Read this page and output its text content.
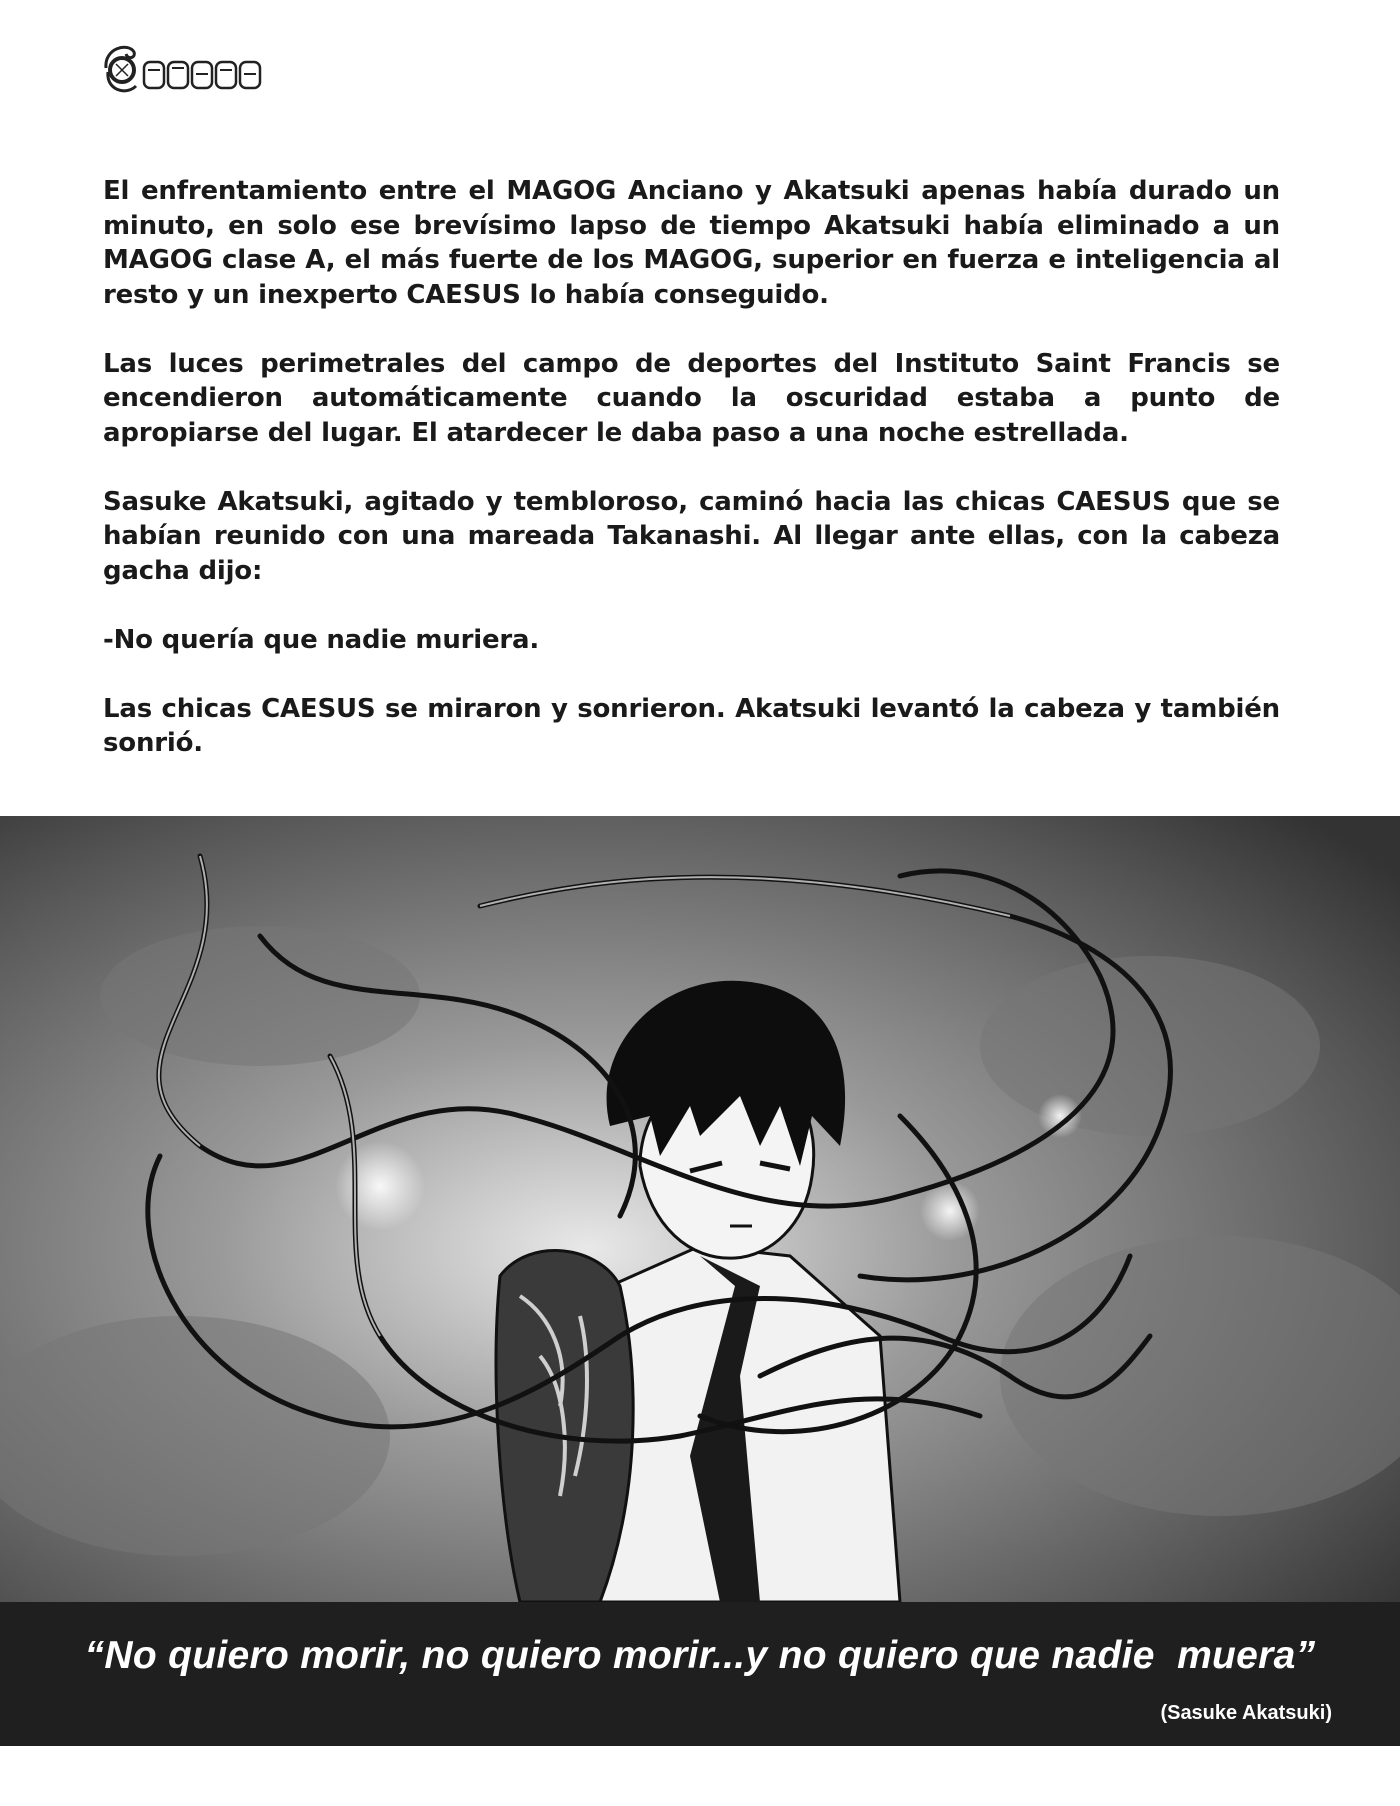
Caesus

El enfrentamiento entre el MAGOG Anciano y Akatsuki apenas había durado un minuto, en solo ese brevísimo lapso de tiempo Akatsuki había eliminado a un MAGOG clase A, el más fuerte de los MAGOG, superior en fuerza e inteligencia al resto y un inexperto CAESUS lo había conseguido.

Las luces perimetrales del campo de deportes del Instituto Saint Francis se encendieron automáticamente cuando la oscuridad estaba a punto de apropiarse del lugar. El atardecer le daba paso a una noche estrellada.

Sasuke Akatsuki, agitado y tembloroso, caminó hacia las chicas CAESUS que se habían reunido con una mareada Takanashi. Al llegar ante ellas, con la cabeza gacha dijo:

-No quería que nadie muriera.

Las chicas CAESUS se miraron y sonrieron. Akatsuki levantó la cabeza y también sonrió.

“No quiero morir, no quiero morir...y no quiero que nadie  muera”
(Sasuke Akatsuki)
